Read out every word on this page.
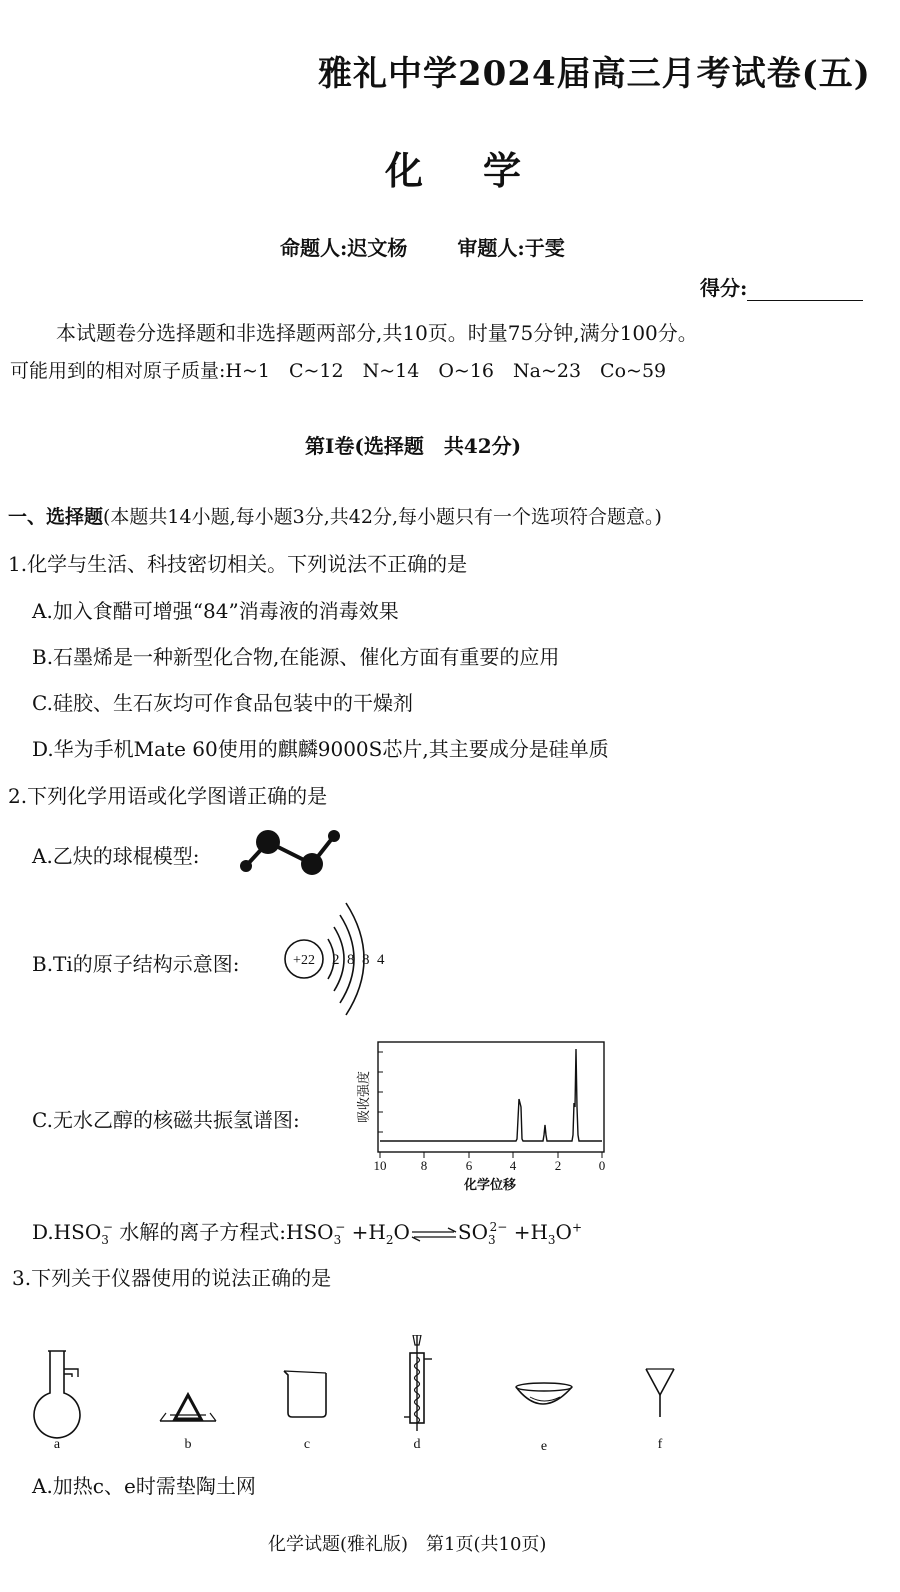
雅礼中学2024届高三月考试卷(五)
化学
命题人:迟文杨	审题人:于雯
得分:
本试题卷分选择题和非选择题两部分,共10页。时量75分钟,满分100分。
可能用到的相对原子质量:H~1　C~12　N~14　O~16　Na~23　Co~59
第Ⅰ卷(选择题　共42分)
一、选择题(本题共14小题,每小题3分,共42分,每小题只有一个选项符合题意。)
1.化学与生活、科技密切相关。下列说法不正确的是
A.加入食醋可增强“84”消毒液的消毒效果
B.石墨烯是一种新型化合物,在能源、催化方面有重要的应用
C.硅胶、生石灰均可作食品包装中的干燥剂
D.华为手机Mate 60使用的麒麟9000S芯片,其主要成分是硅单质
2.下列化学用语或化学图谱正确的是
A.乙炔的球棍模型:
B.Ti的原子结构示意图:	+22 2 8 8 4
C.无水乙醇的核磁共振氢谱图:	吸收强度
10	8	6	4	2	0
化学位移
$D.HSO_3^-$ 水解的离子方程式$:HSO_3^-$ $+H_2O\rightleftharpoons SO_3^{2-} +H_3O^+$
3.下列关于仪器使用的说法正确的是
a	b	c	d	e	f
A.加热c、e时需垫陶土网
化学试题(雅礼版)　第1页(共10页)
